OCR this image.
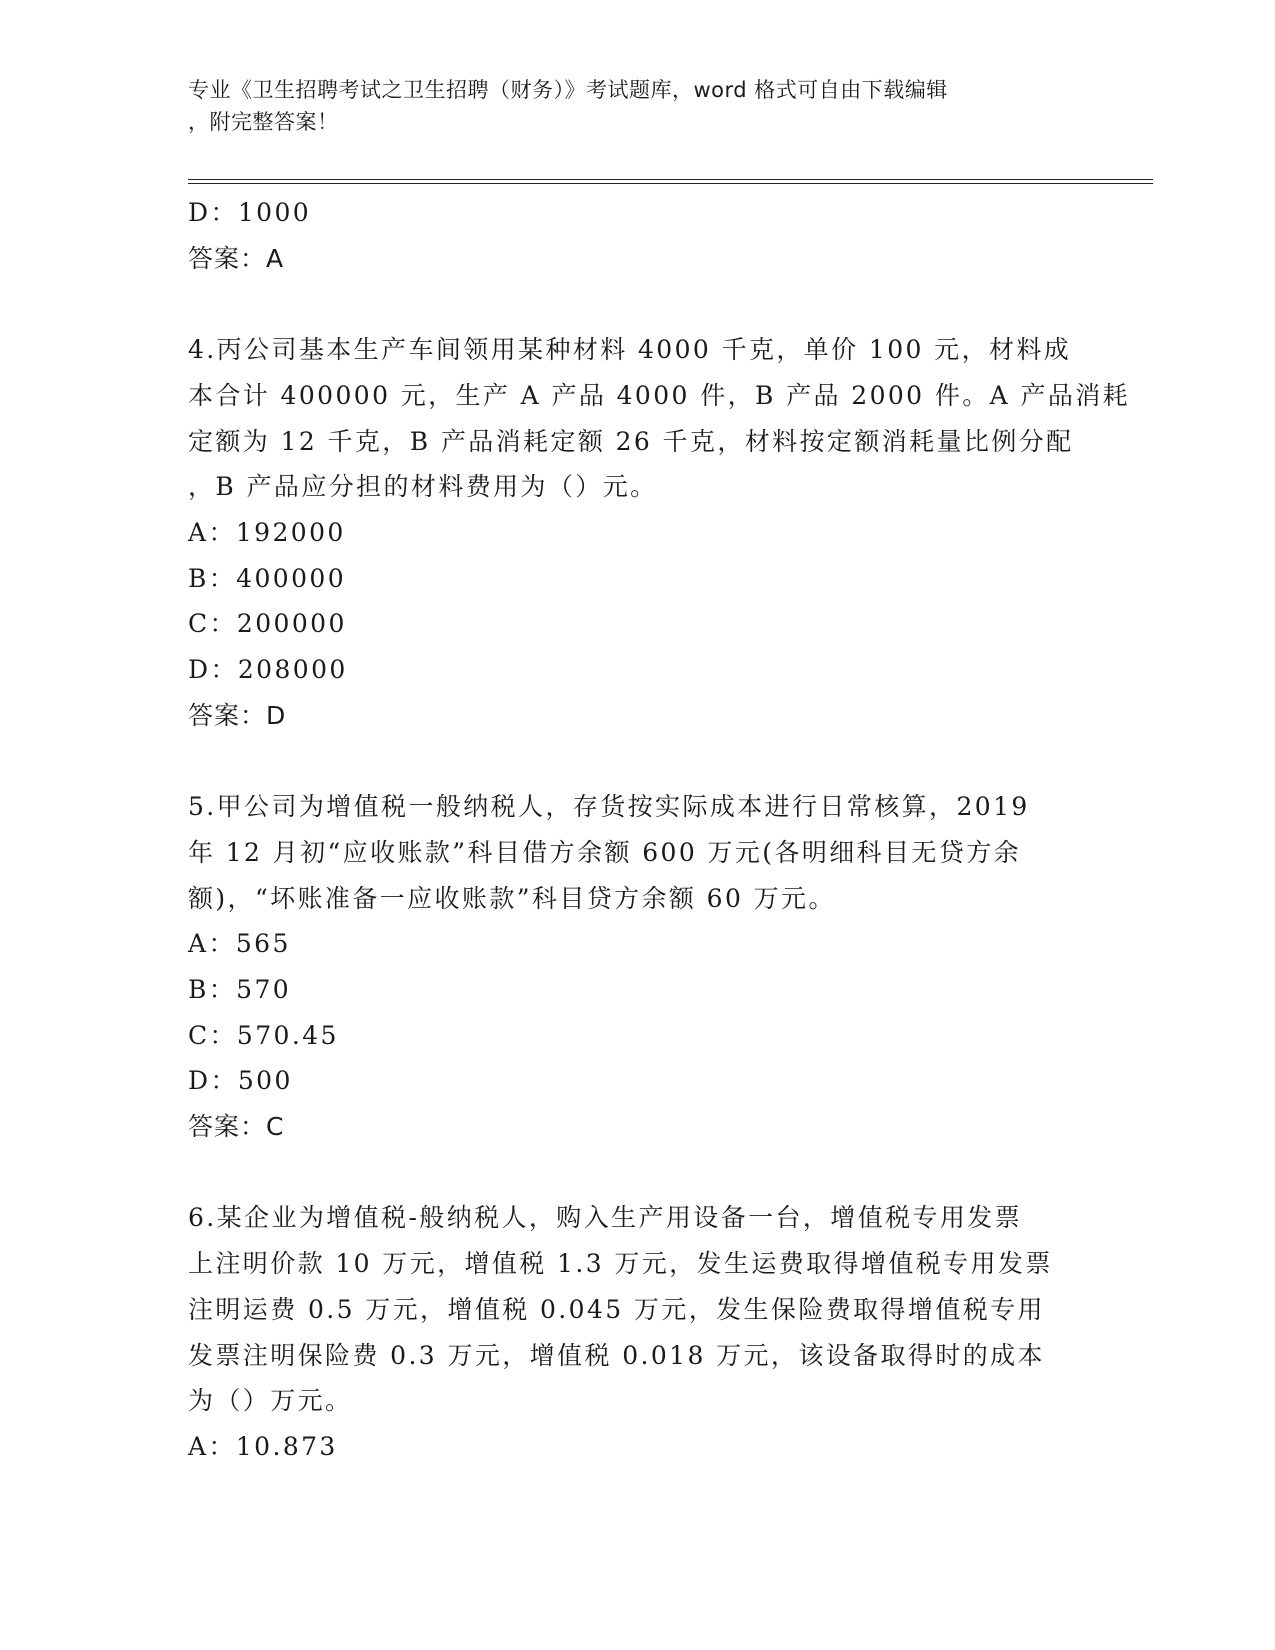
专业《卫生招聘考试之卫生招聘（财务）》考试题库，word 格式可自由下载编辑
，附完整答案！
D：1000
答案：A
4.丙公司基本生产车间领用某种材料 4000 千克，单价 100 元，材料成
本合计 400000 元，生产 A 产品 4000 件，B 产品 2000 件。A 产品消耗
定额为 12 千克，B 产品消耗定额 26 千克，材料按定额消耗量比例分配
，B 产品应分担的材料费用为（）元。
A：192000
B：400000
C：200000
D：208000
答案：D
5.甲公司为增值税一般纳税人，存货按实际成本进行日常核算，2019
年 12 月初“应收账款”科目借方余额 600 万元(各明细科目无贷方余
额)，“坏账准备一应收账款”科目贷方余额 60 万元。
A：565
B：570
C：570.45
D：500
答案：C
6.某企业为增值税-般纳税人，购入生产用设备一台，增值税专用发票
上注明价款 10 万元，增值税 1.3 万元，发生运费取得增值税专用发票
注明运费 0.5 万元，增值税 0.045 万元，发生保险费取得增值税专用
发票注明保险费 0.3 万元，增值税 0.018 万元，该设备取得时的成本
为（）万元。
A：10.873
